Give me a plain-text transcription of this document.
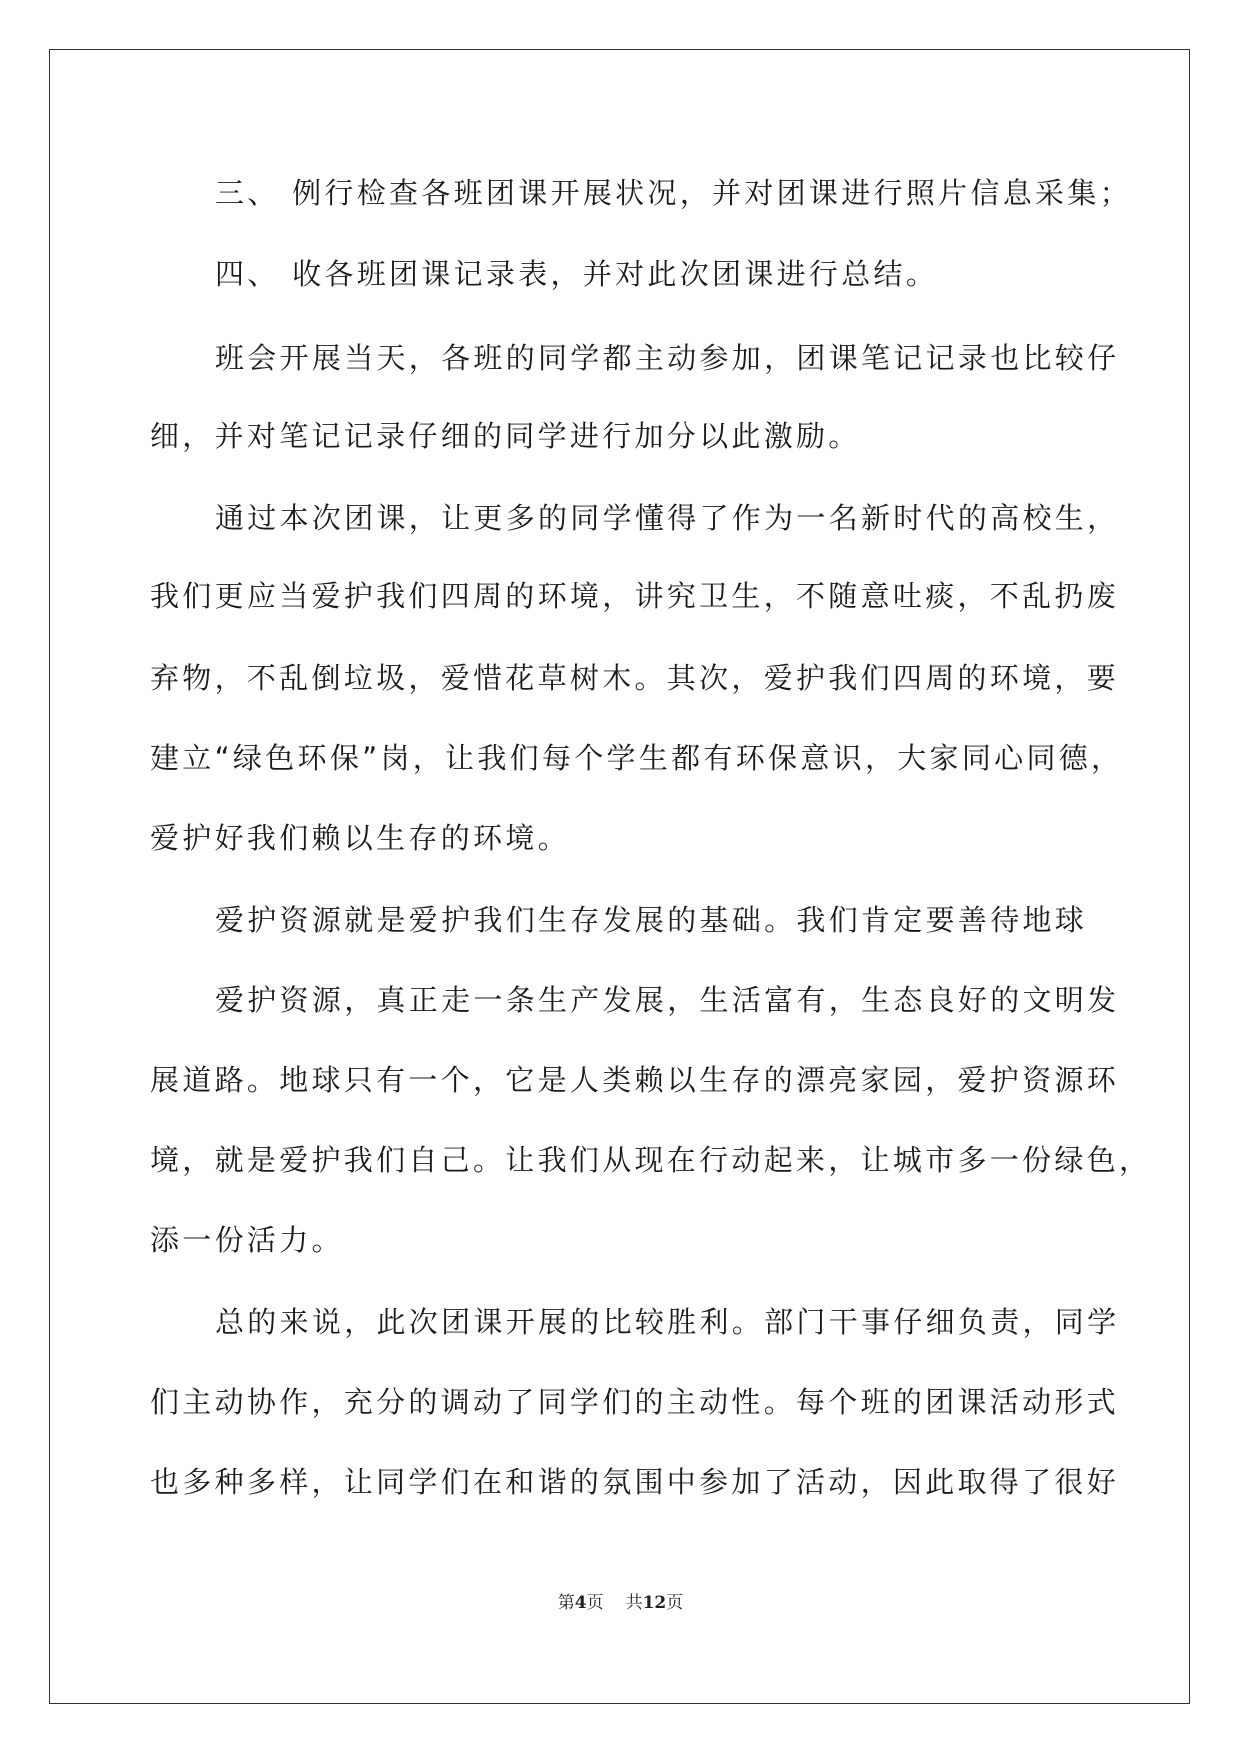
三、 例行检查各班团课开展状况，并对团课进行照片信息采集；
四、 收各班团课记录表，并对此次团课进行总结。
班会开展当天，各班的同学都主动参加，团课笔记记录也比较仔
细，并对笔记记录仔细的同学进行加分以此激励。
通过本次团课，让更多的同学懂得了作为一名新时代的高校生，
我们更应当爱护我们四周的环境，讲究卫生，不随意吐痰，不乱扔废
弃物，不乱倒垃圾，爱惜花草树木。其次，爱护我们四周的环境，要
建立“绿色环保”岗，让我们每个学生都有环保意识，大家同心同德，
爱护好我们赖以生存的环境。
爱护资源就是爱护我们生存发展的基础。我们肯定要善待地球
爱护资源，真正走一条生产发展，生活富有，生态良好的文明发
展道路。地球只有一个，它是人类赖以生存的漂亮家园，爱护资源环
境，就是爱护我们自己。让我们从现在行动起来，让城市多一份绿色，
添一份活力。
总的来说，此次团课开展的比较胜利。部门干事仔细负责，同学
们主动协作，充分的调动了同学们的主动性。每个班的团课活动形式
也多种多样，让同学们在和谐的氛围中参加了活动，因此取得了很好
第4页 共12页
